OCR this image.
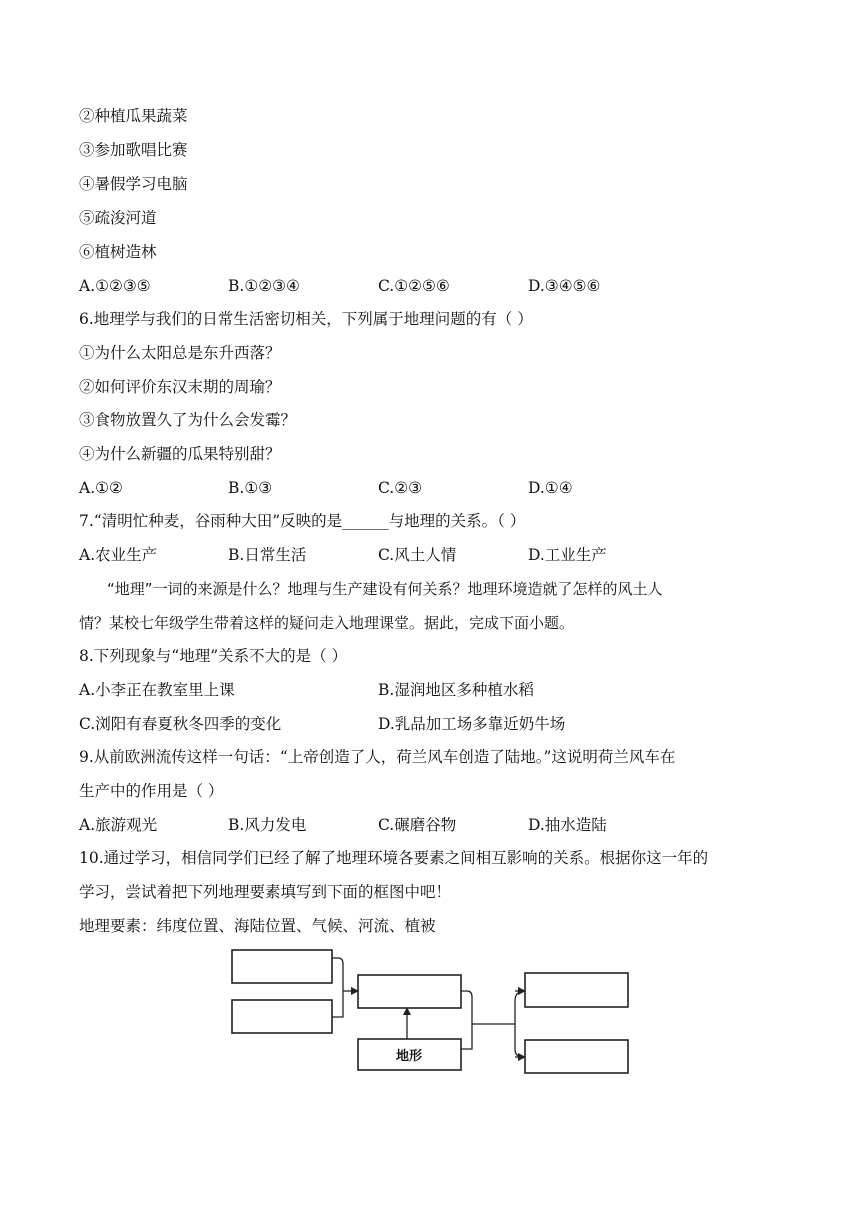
②种植瓜果蔬菜
③参加歌唱比赛
④暑假学习电脑
⑤疏浚河道
⑥植树造林
A.①②③⑤	B.①②③④	C.①②⑤⑥	D.③④⑤⑥
6.地理学与我们的日常生活密切相关，下列属于地理问题的有（ ）
①为什么太阳总是东升西落？
②如何评价东汉末期的周瑜？
③食物放置久了为什么会发霉？
④为什么新疆的瓜果特别甜？
A.①②	B.①③	C.②③	D.①④
7.“清明忙种麦，谷雨种大田”反映的是______与地理的关系。（ ）
A.农业生产	B.日常生活	C.风土人情	D.工业生产
“地理”一词的来源是什么？地理与生产建设有何关系？地理环境造就了怎样的风土人
情？某校七年级学生带着这样的疑问走入地理课堂。据此，完成下面小题。
8.下列现象与“地理”关系不大的是（ ）
A.小李正在教室里上课	B.湿润地区多种植水稻
C.浏阳有春夏秋冬四季的变化	D.乳品加工场多靠近奶牛场
9.从前欧洲流传这样一句话：“上帝创造了人，荷兰风车创造了陆地。”这说明荷兰风车在
生产中的作用是（ ）
A.旅游观光	B.风力发电	C.碾磨谷物	D.抽水造陆
10.通过学习，相信同学们已经了解了地理环境各要素之间相互影响的关系。根据你这一年的
学习，尝试着把下列地理要素填写到下面的框图中吧！
地理要素：纬度位置、海陆位置、气候、河流、植被
地形
